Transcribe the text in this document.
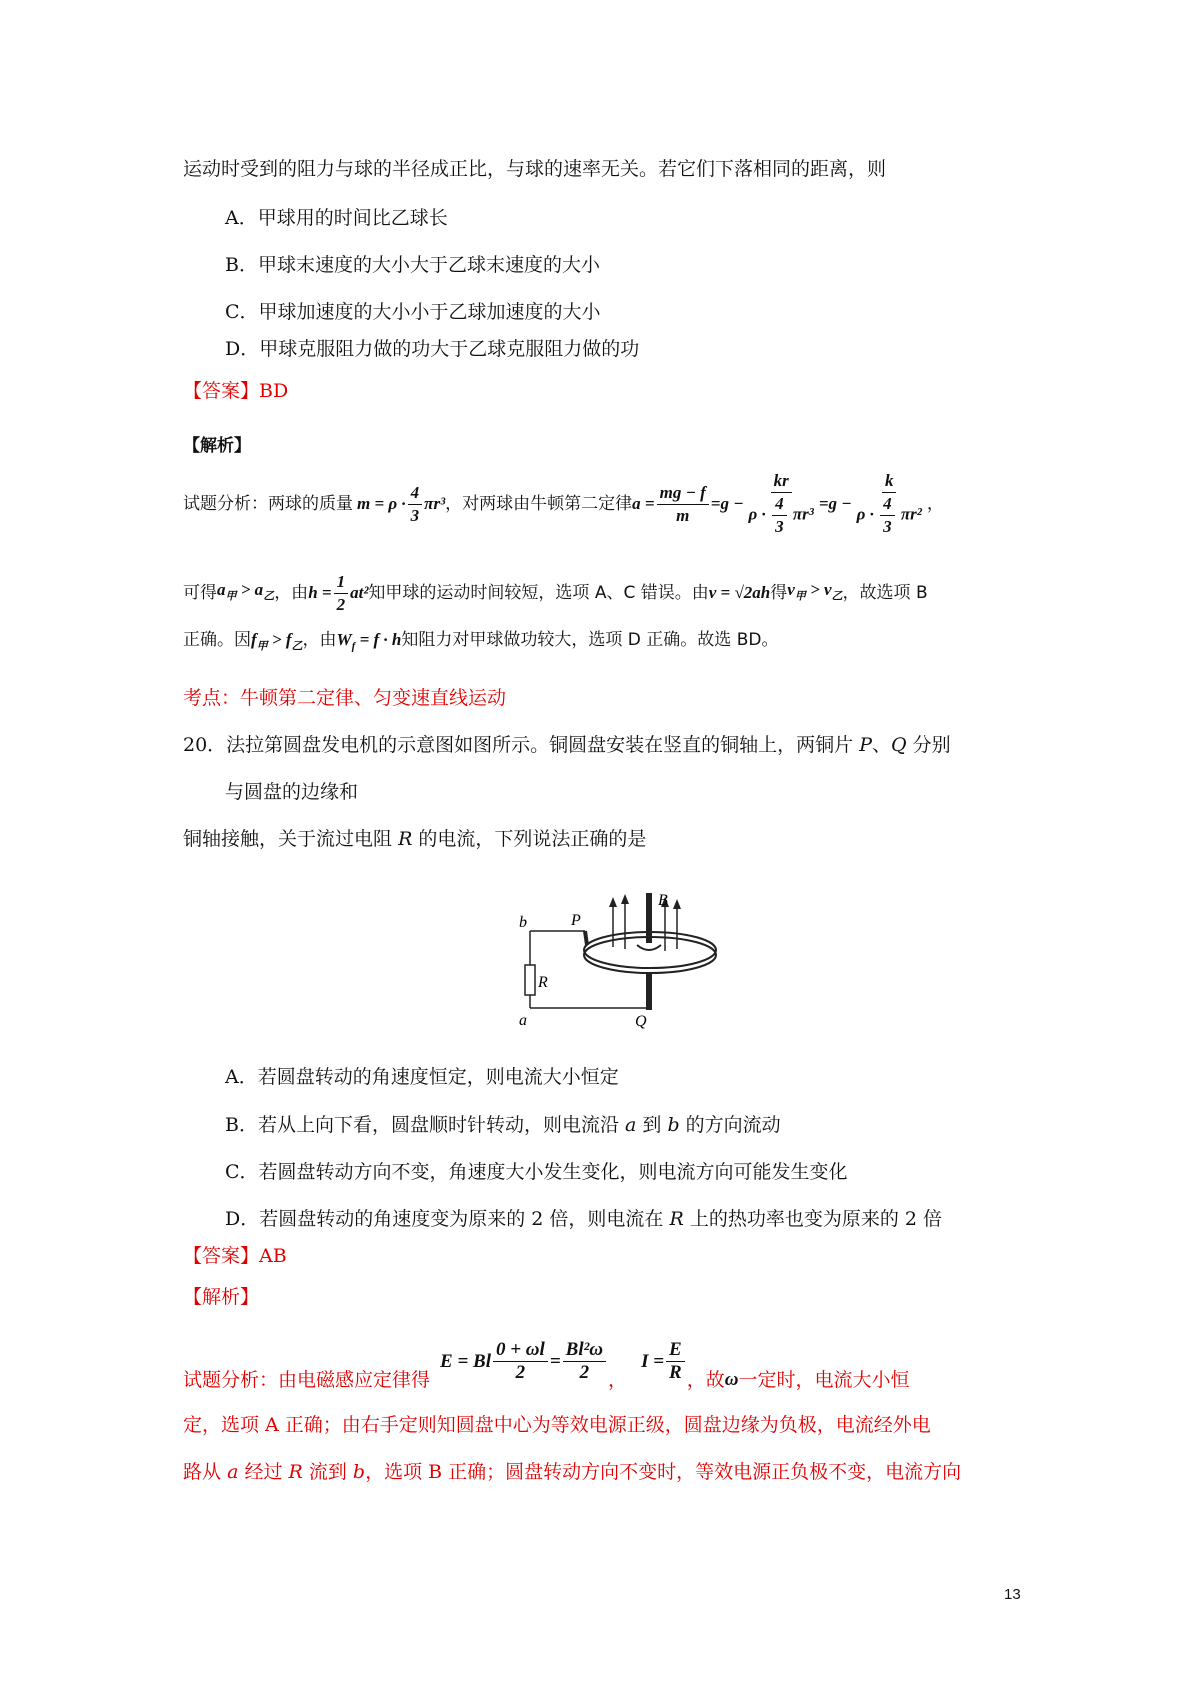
运动时受到的阻力与球的半径成正比，与球的速率无关。若它们下落相同的距离，则
A．甲球用的时间比乙球长
B．甲球末速度的大小大于乙球末速度的大小
C．甲球加速度的大小小于乙球加速度的大小
D．甲球克服阻力做的功大于乙球克服阻力做的功
【答案】BD
【解析】
试题分析：两球的质量 $m = \rho \cdot \frac{4}{3} \pi r^3$ ，对两球由牛顿第二定律 $a = \frac{mg - f}{m} =g - \frac{kr}{\rho \cdot \frac{4}{3} \pi r^3} =g - \frac{k}{\rho \cdot \frac{4}{3} \pi r^2}$ ，
可得 $a_甲 > a_乙$ ，由 $h = \frac{1}{2} at^2$ 知甲球的运动时间较短，选项 A、C 错误。由 v = √2ah 得 $v_甲 > v_乙$ ，故选项 B
正确。因$f_甲 > f_乙$，由$W_f = f \cdot h$知阻力对甲球做功较大，选项 D 正确。故选 BD。
考点：牛顿第二定律、匀变速直线运动
20．法拉第圆盘发电机的示意图如图所示。铜圆盘安装在竖直的铜轴上，两铜片 P、Q 分别
与圆盘的边缘和
铜轴接触，关于流过电阻 R 的电流，下列说法正确的是
b	P
B
R
a	Q
A．若圆盘转动的角速度恒定，则电流大小恒定
B．若从上向下看，圆盘顺时针转动，则电流沿 a 到 b 的方向流动
C．若圆盘转动方向不变，角速度大小发生变化，则电流方向可能发生变化
D．若圆盘转动的角速度变为原来的 2 倍，则电流在 R 上的热功率也变为原来的 2 倍
【答案】AB
【解析】
试题分析：由电磁感应定律得
E = Bl $\frac{0 + \omega l}{2} = \frac{\text{Bl²ω}}{2}$ ，
$I = \frac{E}{R}$ ，故 ω 一定时，电流大小恒
定，选项 A 正确；由右手定则知圆盘中心为等效电源正级，圆盘边缘为负极，电流经外电
路从 a 经过 R 流到 b，选项 B 正确；圆盘转动方向不变时，等效电源正负极不变，电流方向
13
